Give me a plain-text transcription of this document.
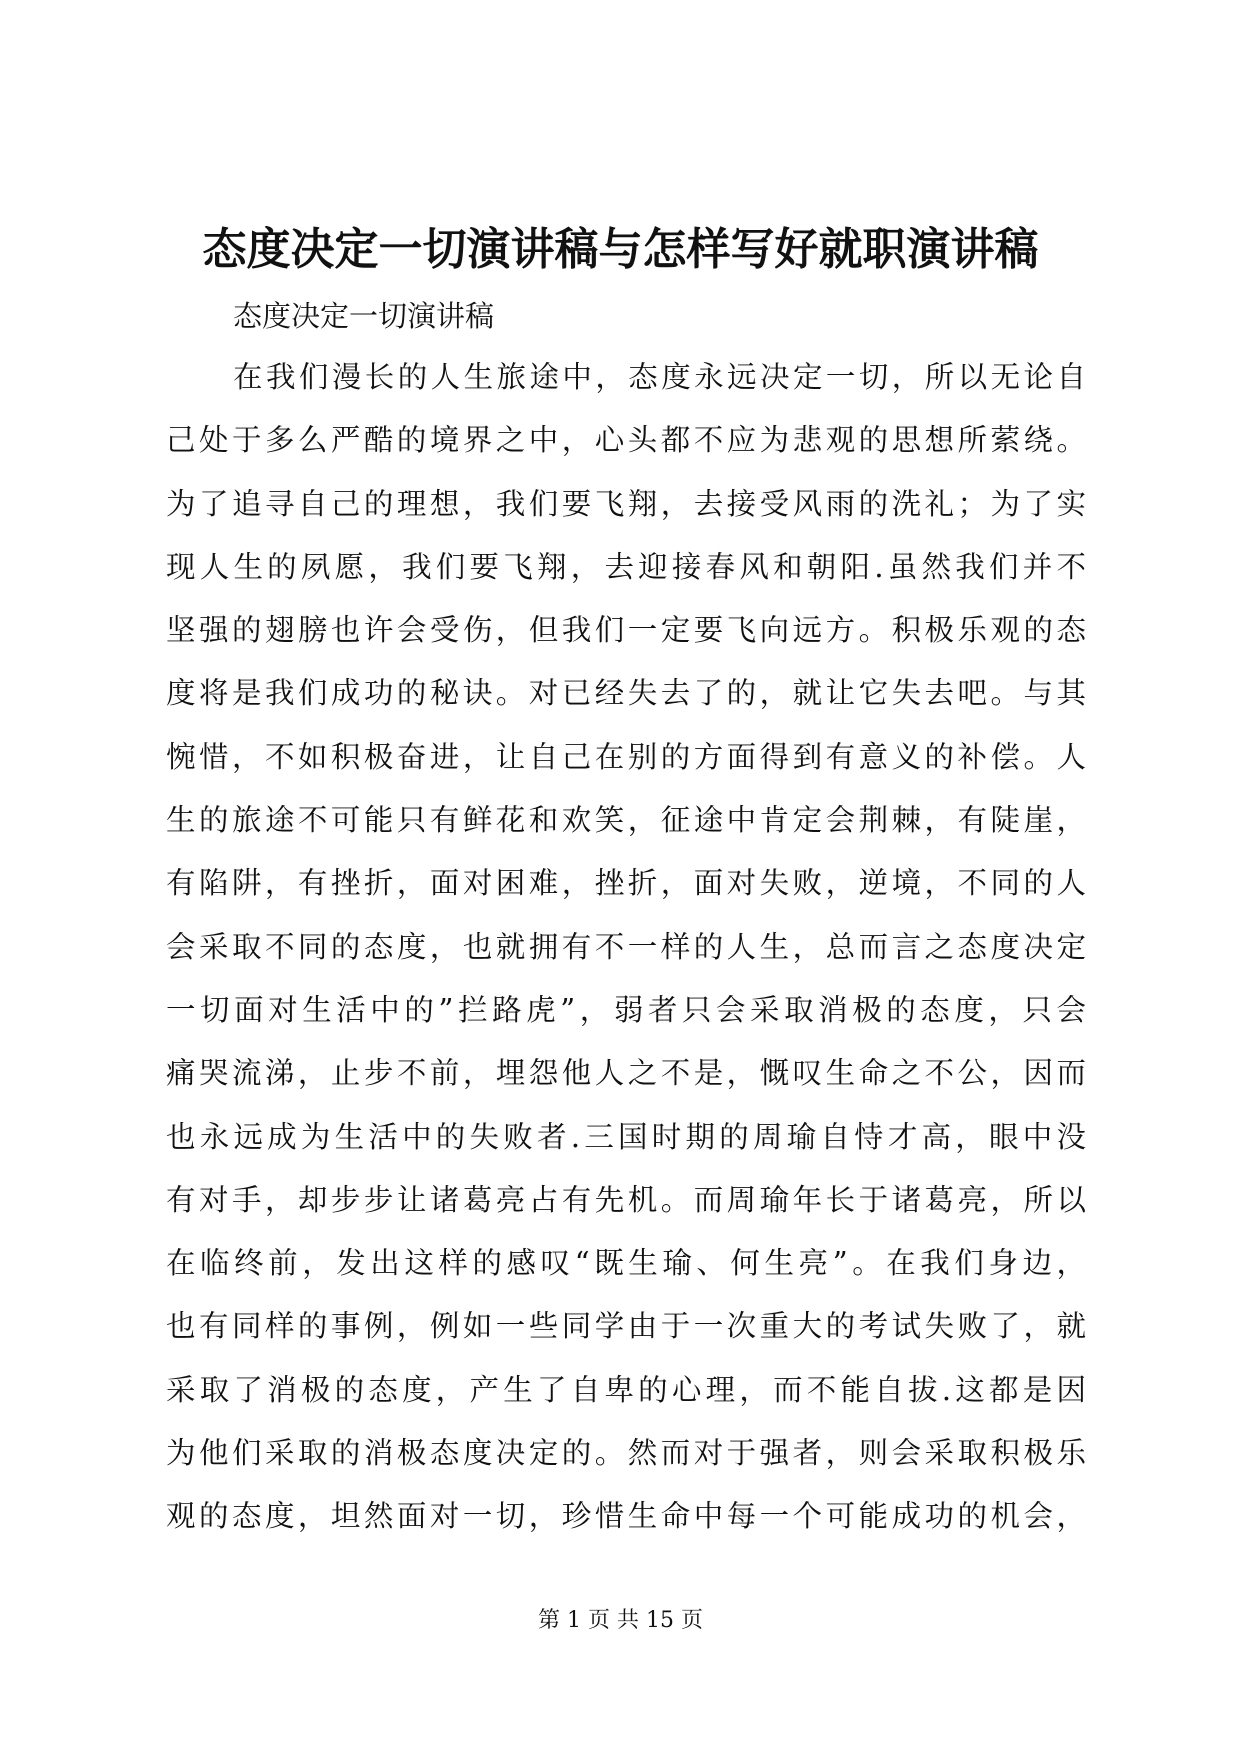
态度决定一切演讲稿与怎样写好就职演讲稿
态度决定一切演讲稿
在我们漫长的人生旅途中，态度永远决定一切，所以无论自
己处于多么严酷的境界之中，心头都不应为悲观的思想所萦绕。
为了追寻自己的理想，我们要飞翔，去接受风雨的洗礼；为了实
现人生的夙愿，我们要飞翔，去迎接春风和朝阳.虽然我们并不
坚强的翅膀也许会受伤，但我们一定要飞向远方。积极乐观的态
度将是我们成功的秘诀。对已经失去了的，就让它失去吧。与其
惋惜，不如积极奋进，让自己在别的方面得到有意义的补偿。人
生的旅途不可能只有鲜花和欢笑，征途中肯定会荆棘，有陡崖，
有陷阱，有挫折，面对困难，挫折，面对失败，逆境，不同的人
会采取不同的态度，也就拥有不一样的人生，总而言之态度决定
一切面对生活中的”拦路虎”，弱者只会采取消极的态度，只会
痛哭流涕，止步不前，埋怨他人之不是，慨叹生命之不公，因而
也永远成为生活中的失败者.三国时期的周瑜自恃才高，眼中没
有对手，却步步让诸葛亮占有先机。而周瑜年长于诸葛亮，所以
在临终前，发出这样的感叹“既生瑜、何生亮”。在我们身边，
也有同样的事例，例如一些同学由于一次重大的考试失败了，就
采取了消极的态度，产生了自卑的心理，而不能自拔.这都是因
为他们采取的消极态度决定的。然而对于强者，则会采取积极乐
观的态度，坦然面对一切，珍惜生命中每一个可能成功的机会，
第 1 页 共 15 页
